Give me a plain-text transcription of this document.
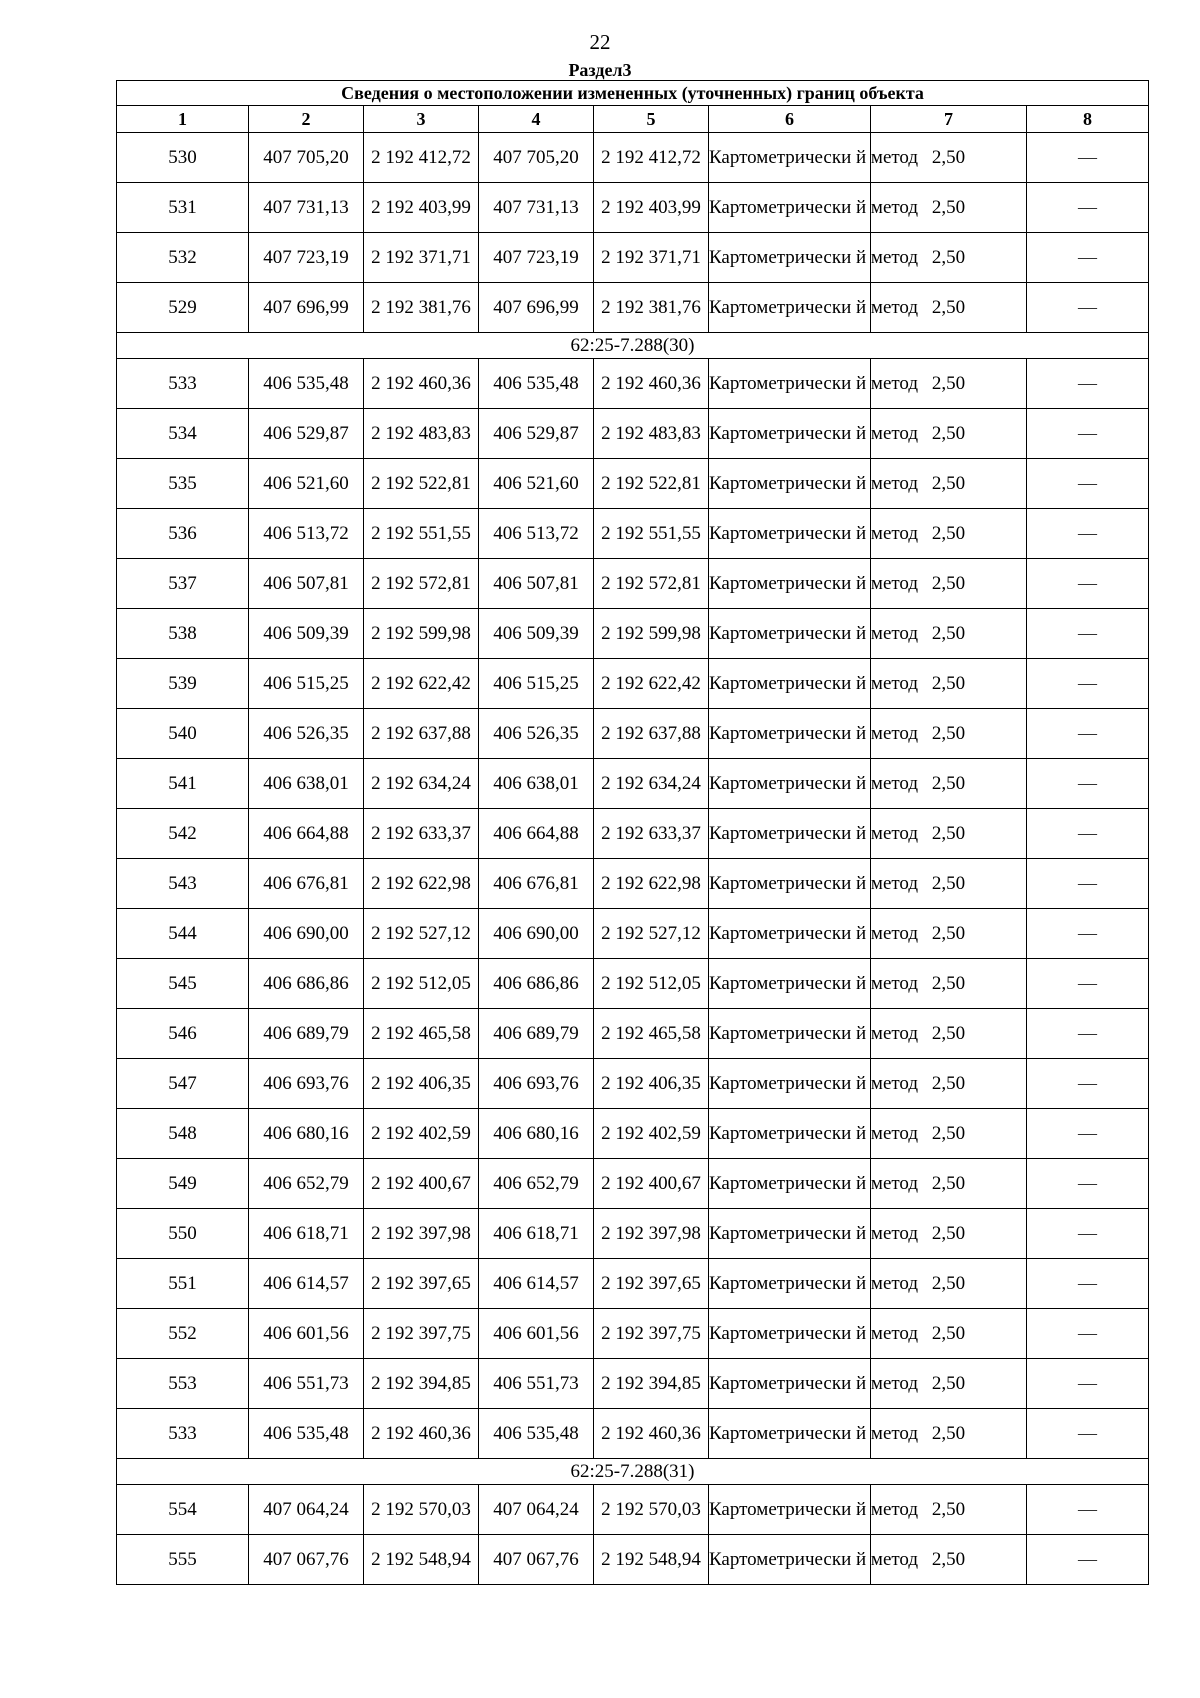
22
Раздел3
Сведения о местоположении измененных (уточненных) границ объекта							
1	2	3	4	5	6	7	8
530	407 705,20	2 192 412,72	407 705,20	2 192 412,72	Картометрически й метод	2,50	—
531	407 731,13	2 192 403,99	407 731,13	2 192 403,99	Картометрически й метод	2,50	—
532	407 723,19	2 192 371,71	407 723,19	2 192 371,71	Картометрически й метод	2,50	—
529	407 696,99	2 192 381,76	407 696,99	2 192 381,76	Картометрически й метод	2,50	—
62:25-7.288(30)							
533	406 535,48	2 192 460,36	406 535,48	2 192 460,36	Картометрически й метод	2,50	—
534	406 529,87	2 192 483,83	406 529,87	2 192 483,83	Картометрически й метод	2,50	—
535	406 521,60	2 192 522,81	406 521,60	2 192 522,81	Картометрически й метод	2,50	—
536	406 513,72	2 192 551,55	406 513,72	2 192 551,55	Картометрически й метод	2,50	—
537	406 507,81	2 192 572,81	406 507,81	2 192 572,81	Картометрически й метод	2,50	—
538	406 509,39	2 192 599,98	406 509,39	2 192 599,98	Картометрически й метод	2,50	—
539	406 515,25	2 192 622,42	406 515,25	2 192 622,42	Картометрически й метод	2,50	—
540	406 526,35	2 192 637,88	406 526,35	2 192 637,88	Картометрически й метод	2,50	—
541	406 638,01	2 192 634,24	406 638,01	2 192 634,24	Картометрически й метод	2,50	—
542	406 664,88	2 192 633,37	406 664,88	2 192 633,37	Картометрически й метод	2,50	—
543	406 676,81	2 192 622,98	406 676,81	2 192 622,98	Картометрически й метод	2,50	—
544	406 690,00	2 192 527,12	406 690,00	2 192 527,12	Картометрически й метод	2,50	—
545	406 686,86	2 192 512,05	406 686,86	2 192 512,05	Картометрически й метод	2,50	—
546	406 689,79	2 192 465,58	406 689,79	2 192 465,58	Картометрически й метод	2,50	—
547	406 693,76	2 192 406,35	406 693,76	2 192 406,35	Картометрически й метод	2,50	—
548	406 680,16	2 192 402,59	406 680,16	2 192 402,59	Картометрически й метод	2,50	—
549	406 652,79	2 192 400,67	406 652,79	2 192 400,67	Картометрически й метод	2,50	—
550	406 618,71	2 192 397,98	406 618,71	2 192 397,98	Картометрически й метод	2,50	—
551	406 614,57	2 192 397,65	406 614,57	2 192 397,65	Картометрически й метод	2,50	—
552	406 601,56	2 192 397,75	406 601,56	2 192 397,75	Картометрически й метод	2,50	—
553	406 551,73	2 192 394,85	406 551,73	2 192 394,85	Картометрически й метод	2,50	—
533	406 535,48	2 192 460,36	406 535,48	2 192 460,36	Картометрически й метод	2,50	—
62:25-7.288(31)							
554	407 064,24	2 192 570,03	407 064,24	2 192 570,03	Картометрически й метод	2,50	—
555	407 067,76	2 192 548,94	407 067,76	2 192 548,94	Картометрически й метод	2,50	—
